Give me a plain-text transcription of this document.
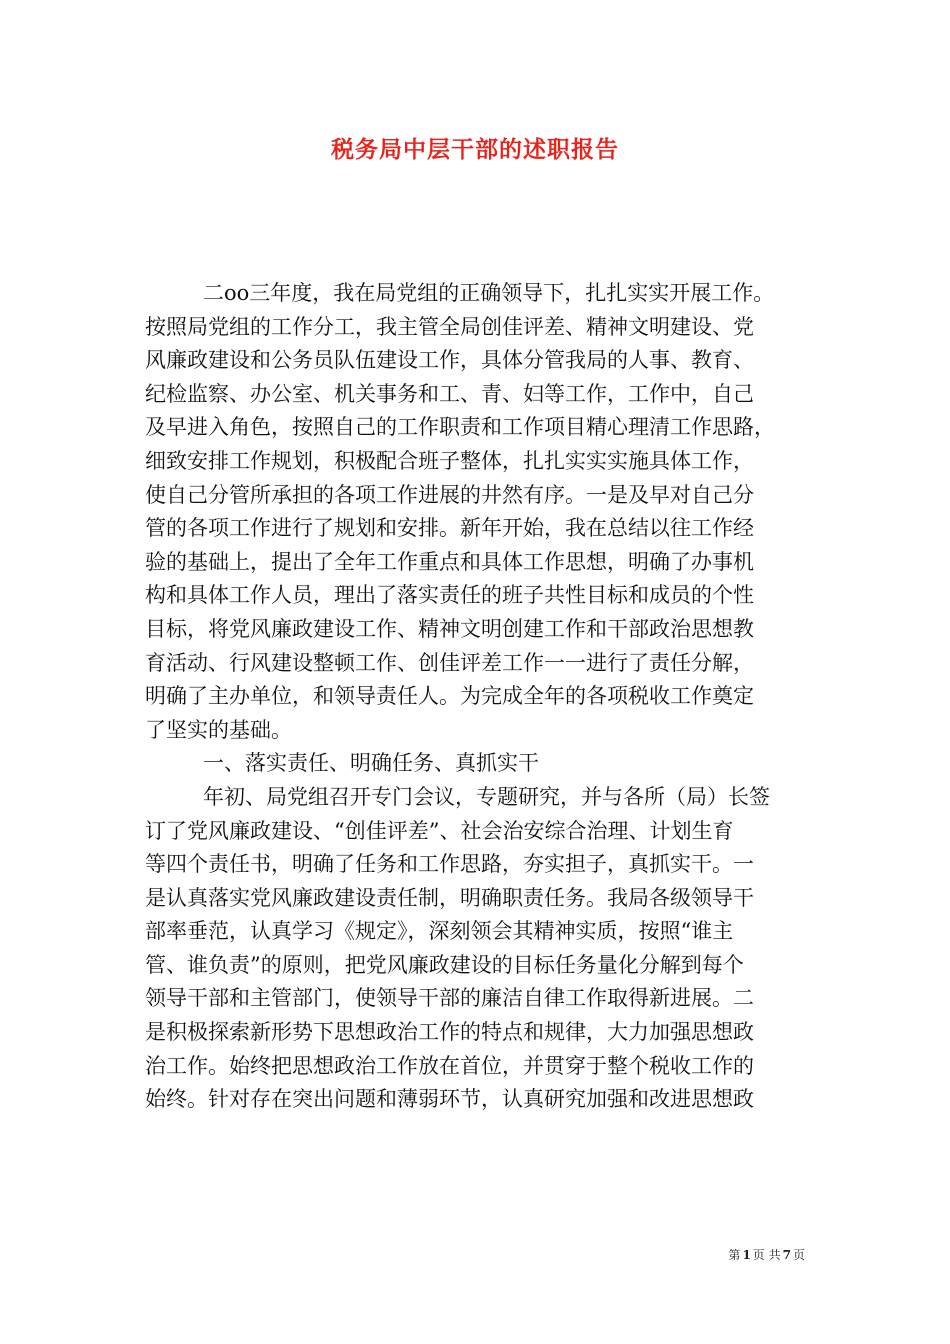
税务局中层干部的述职报告
二oo三年度，我在局党组的正确领导下，扎扎实实开展工作。
按照局党组的工作分工，我主管全局创佳评差、精神文明建设、党
风廉政建设和公务员队伍建设工作，具体分管我局的人事、教育、
纪检监察、办公室、机关事务和工、青、妇等工作，工作中，自己
及早进入角色，按照自己的工作职责和工作项目精心理清工作思路，
细致安排工作规划，积极配合班子整体，扎扎实实实施具体工作，
使自己分管所承担的各项工作进展的井然有序。一是及早对自己分
管的各项工作进行了规划和安排。新年开始，我在总结以往工作经
验的基础上，提出了全年工作重点和具体工作思想，明确了办事机
构和具体工作人员，理出了落实责任的班子共性目标和成员的个性
目标，将党风廉政建设工作、精神文明创建工作和干部政治思想教
育活动、行风建设整顿工作、创佳评差工作一一进行了责任分解，
明确了主办单位，和领导责任人。为完成全年的各项税收工作奠定
了坚实的基础。
一、落实责任、明确任务、真抓实干
年初、局党组召开专门会议，专题研究，并与各所（局）长签
订了党风廉政建设、“创佳评差”、社会治安综合治理、计划生育
等四个责任书，明确了任务和工作思路，夯实担子，真抓实干。一
是认真落实党风廉政建设责任制，明确职责任务。我局各级领导干
部率垂范，认真学习《规定》，深刻领会其精神实质，按照“谁主
管、谁负责”的原则，把党风廉政建设的目标任务量化分解到每个
领导干部和主管部门，使领导干部的廉洁自律工作取得新进展。二
是积极探索新形势下思想政治工作的特点和规律，大力加强思想政
治工作。始终把思想政治工作放在首位，并贯穿于整个税收工作的
始终。针对存在突出问题和薄弱环节，认真研究加强和改进思想政
第 1 页 共 7 页
